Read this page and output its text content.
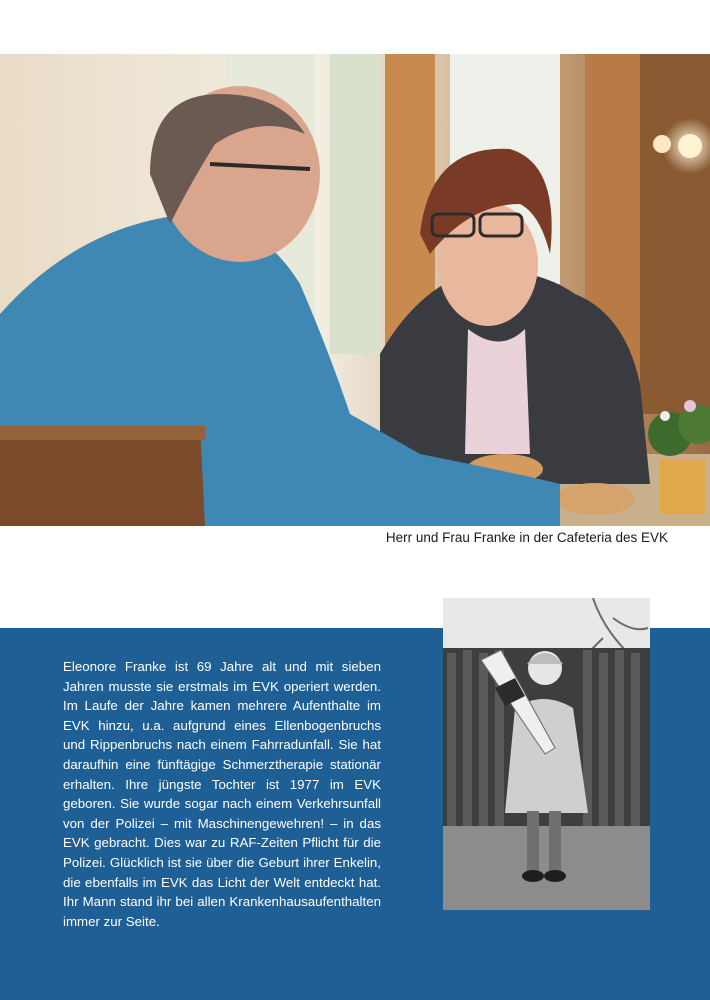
Herr und Frau Franke in der Cafeteria des EVK

Eleonore Franke ist 69 Jahre alt und mit sieben Jahren musste sie erstmals im EVK operiert werden. Im Laufe der Jahre kamen mehrere Aufenthalte im EVK hinzu, u.a. aufgrund eines Ellenbogenbruchs und Rippenbruchs nach einem Fahrradunfall. Sie hat daraufhin eine fünftägige Schmerztherapie stationär erhalten. Ihre jüngste Tochter ist 1977 im EVK geboren. Sie wurde sogar nach einem Verkehrsunfall von der Polizei – mit Maschinengewehren! – in das EVK gebracht. Dies war zu RAF-Zeiten Pflicht für die Polizei. Glücklich ist sie über die Geburt ihrer Enkelin, die ebenfalls im EVK das Licht der Welt entdeckt hat. Ihr Mann stand ihr bei allen Krankenhausaufenthalten immer zur Seite.
